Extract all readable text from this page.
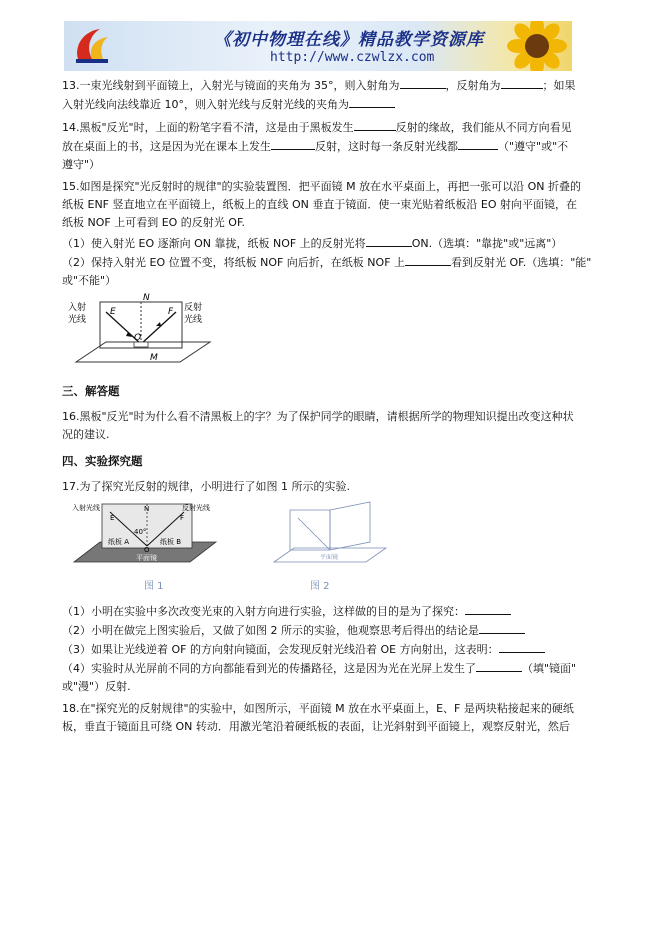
《初中物理在线》精品教学资源库
http://www.czwlzx.com

13.一束光线射到平面镜上，入射光与镜面的夹角为 35°，则入射角为	，反射角为	；如果

入射光线向法线靠近 10°，则入射光线与反射光线的夹角为

14.黑板"反光"时，上面的粉笔字看不清，这是由于黑板发生	反射的缘故，我们能从不同方向看见

放在桌面上的书，这是因为光在课本上发生	反射，这时每一条反射光线都	（"遵守"或"不

遵守"）

15.如图是探究"光反射时的规律"的实验装置图．把平面镜 M 放在水平桌面上，再把一张可以沿 ON 折叠的

纸板 ENF 竖直地立在平面镜上，纸板上的直线 ON 垂直于镜面．使一束光贴着纸板沿 EO 射向平面镜，在

纸板 NOF 上可看到 EO 的反射光 OF.

（1）使入射光 EO 逐渐向 ON 靠拢，纸板 NOF 上的反射光将	ON.（选填："靠拢"或"远离"）

（2）保持入射光 EO 位置不变，将纸板 NOF 向后折，在纸板 NOF 上	看到反射光 OF.（选填："能"

或"不能"）

N
E	F
O
M
入射
光线
反射
光线

三、解答题

16.黑板"反光"时为什么看不清黑板上的字？为了保护同学的眼睛，请根据所学的物理知识提出改变这种状

况的建议.

四、实验探究题

17.为了探究光反射的规律，小明进行了如图 1 所示的实验.

入射光线	反射光线
N
E	F
O
40°
纸板 A	纸板 B
平面镜	平面镜
图 1	图 2

（1）小明在实验中多次改变光束的入射方向进行实验，这样做的目的是为了探究：

（2）小明在做完上图实验后，又做了如图 2 所示的实验，他观察思考后得出的结论是

（3）如果让光线逆着 OF 的方向射向镜面，会发现反射光线沿着 OE 方向射出，这表明：

（4）实验时从光屏前不同的方向都能看到光的传播路径，这是因为光在光屏上发生了	（填"镜面"

或"漫"）反射.

18.在"探究光的反射规律"的实验中，如图所示，平面镜 M 放在水平桌面上，E、F 是两块粘接起来的硬纸

板，垂直于镜面且可绕 ON 转动．用激光笔沿着硬纸板的表面，让光斜射到平面镜上，观察反射光，然后
